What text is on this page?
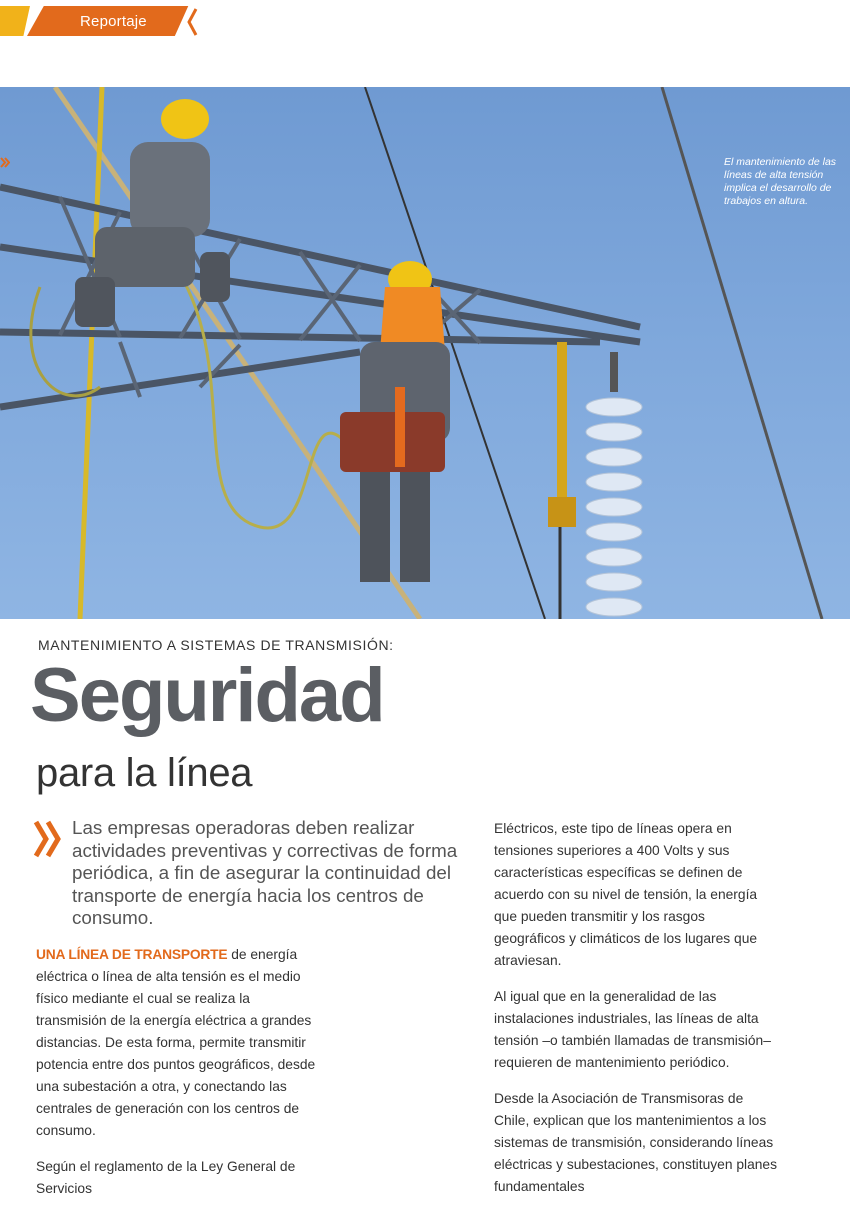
Reportaje
El mantenimiento de las líneas de alta tensión implica el desarrollo de trabajos en altura.
MANTENIMIENTO A SISTEMAS DE TRANSMISIÓN:
Seguridad
para la línea
Las empresas operadoras deben realizar actividades preventivas y correctivas de forma periódica, a fin de asegurar la continuidad del transporte de energía hacia los centros de consumo.

UNA LÍNEA DE TRANSPORTE de energía eléctrica o línea de alta tensión es el medio físico mediante el cual se realiza la transmisión de la energía eléctrica a grandes distancias. De esta forma, permite transmitir potencia entre dos puntos geográficos, desde una subestación a otra, y conectando las centrales de generación con los centros de consumo.

Según el reglamento de la Ley General de Servicios

Eléctricos, este tipo de líneas opera en tensiones superiores a 400 Volts y sus características específicas se definen de acuerdo con su nivel de tensión, la energía que pueden transmitir y los rasgos geográficos y climáticos de los lugares que atraviesan.

Al igual que en la generalidad de las instalaciones industriales, las líneas de alta tensión –o también llamadas de transmisión– requieren de mantenimiento periódico.

Desde la Asociación de Transmisoras de Chile, explican que los mantenimientos a los sistemas de transmisión, considerando líneas eléctricas y subestaciones, constituyen planes fundamentales
